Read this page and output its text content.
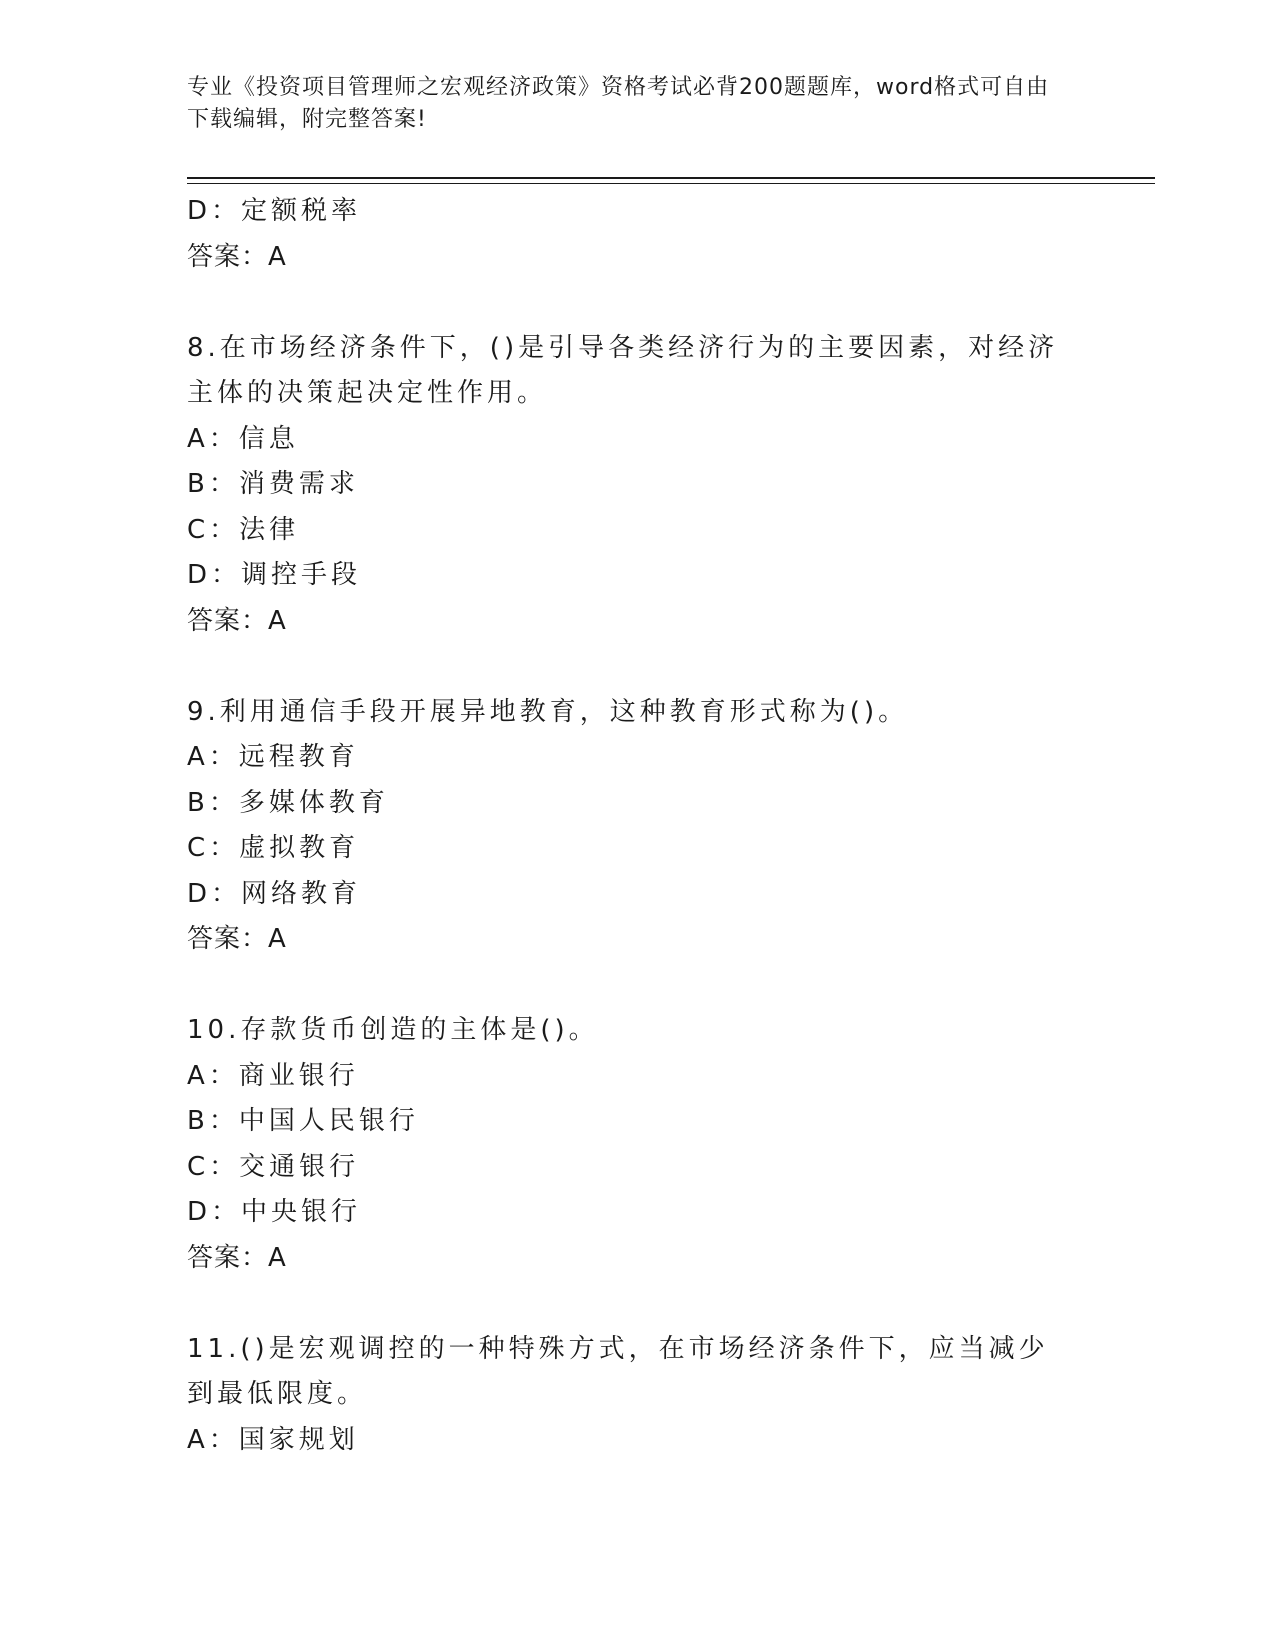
专业《投资项目管理师之宏观经济政策》资格考试必背200题题库，word格式可自由下载编辑，附完整答案!
D：定额税率
答案：A
8.在市场经济条件下，()是引导各类经济行为的主要因素，对经济主体的决策起决定性作用。
A：信息
B：消费需求
C：法律
D：调控手段
答案：A
9.利用通信手段开展异地教育，这种教育形式称为()。
A：远程教育
B：多媒体教育
C：虚拟教育
D：网络教育
答案：A
10.存款货币创造的主体是()。
A：商业银行
B：中国人民银行
C：交通银行
D：中央银行
答案：A
11.()是宏观调控的一种特殊方式，在市场经济条件下，应当减少到最低限度。
A：国家规划
